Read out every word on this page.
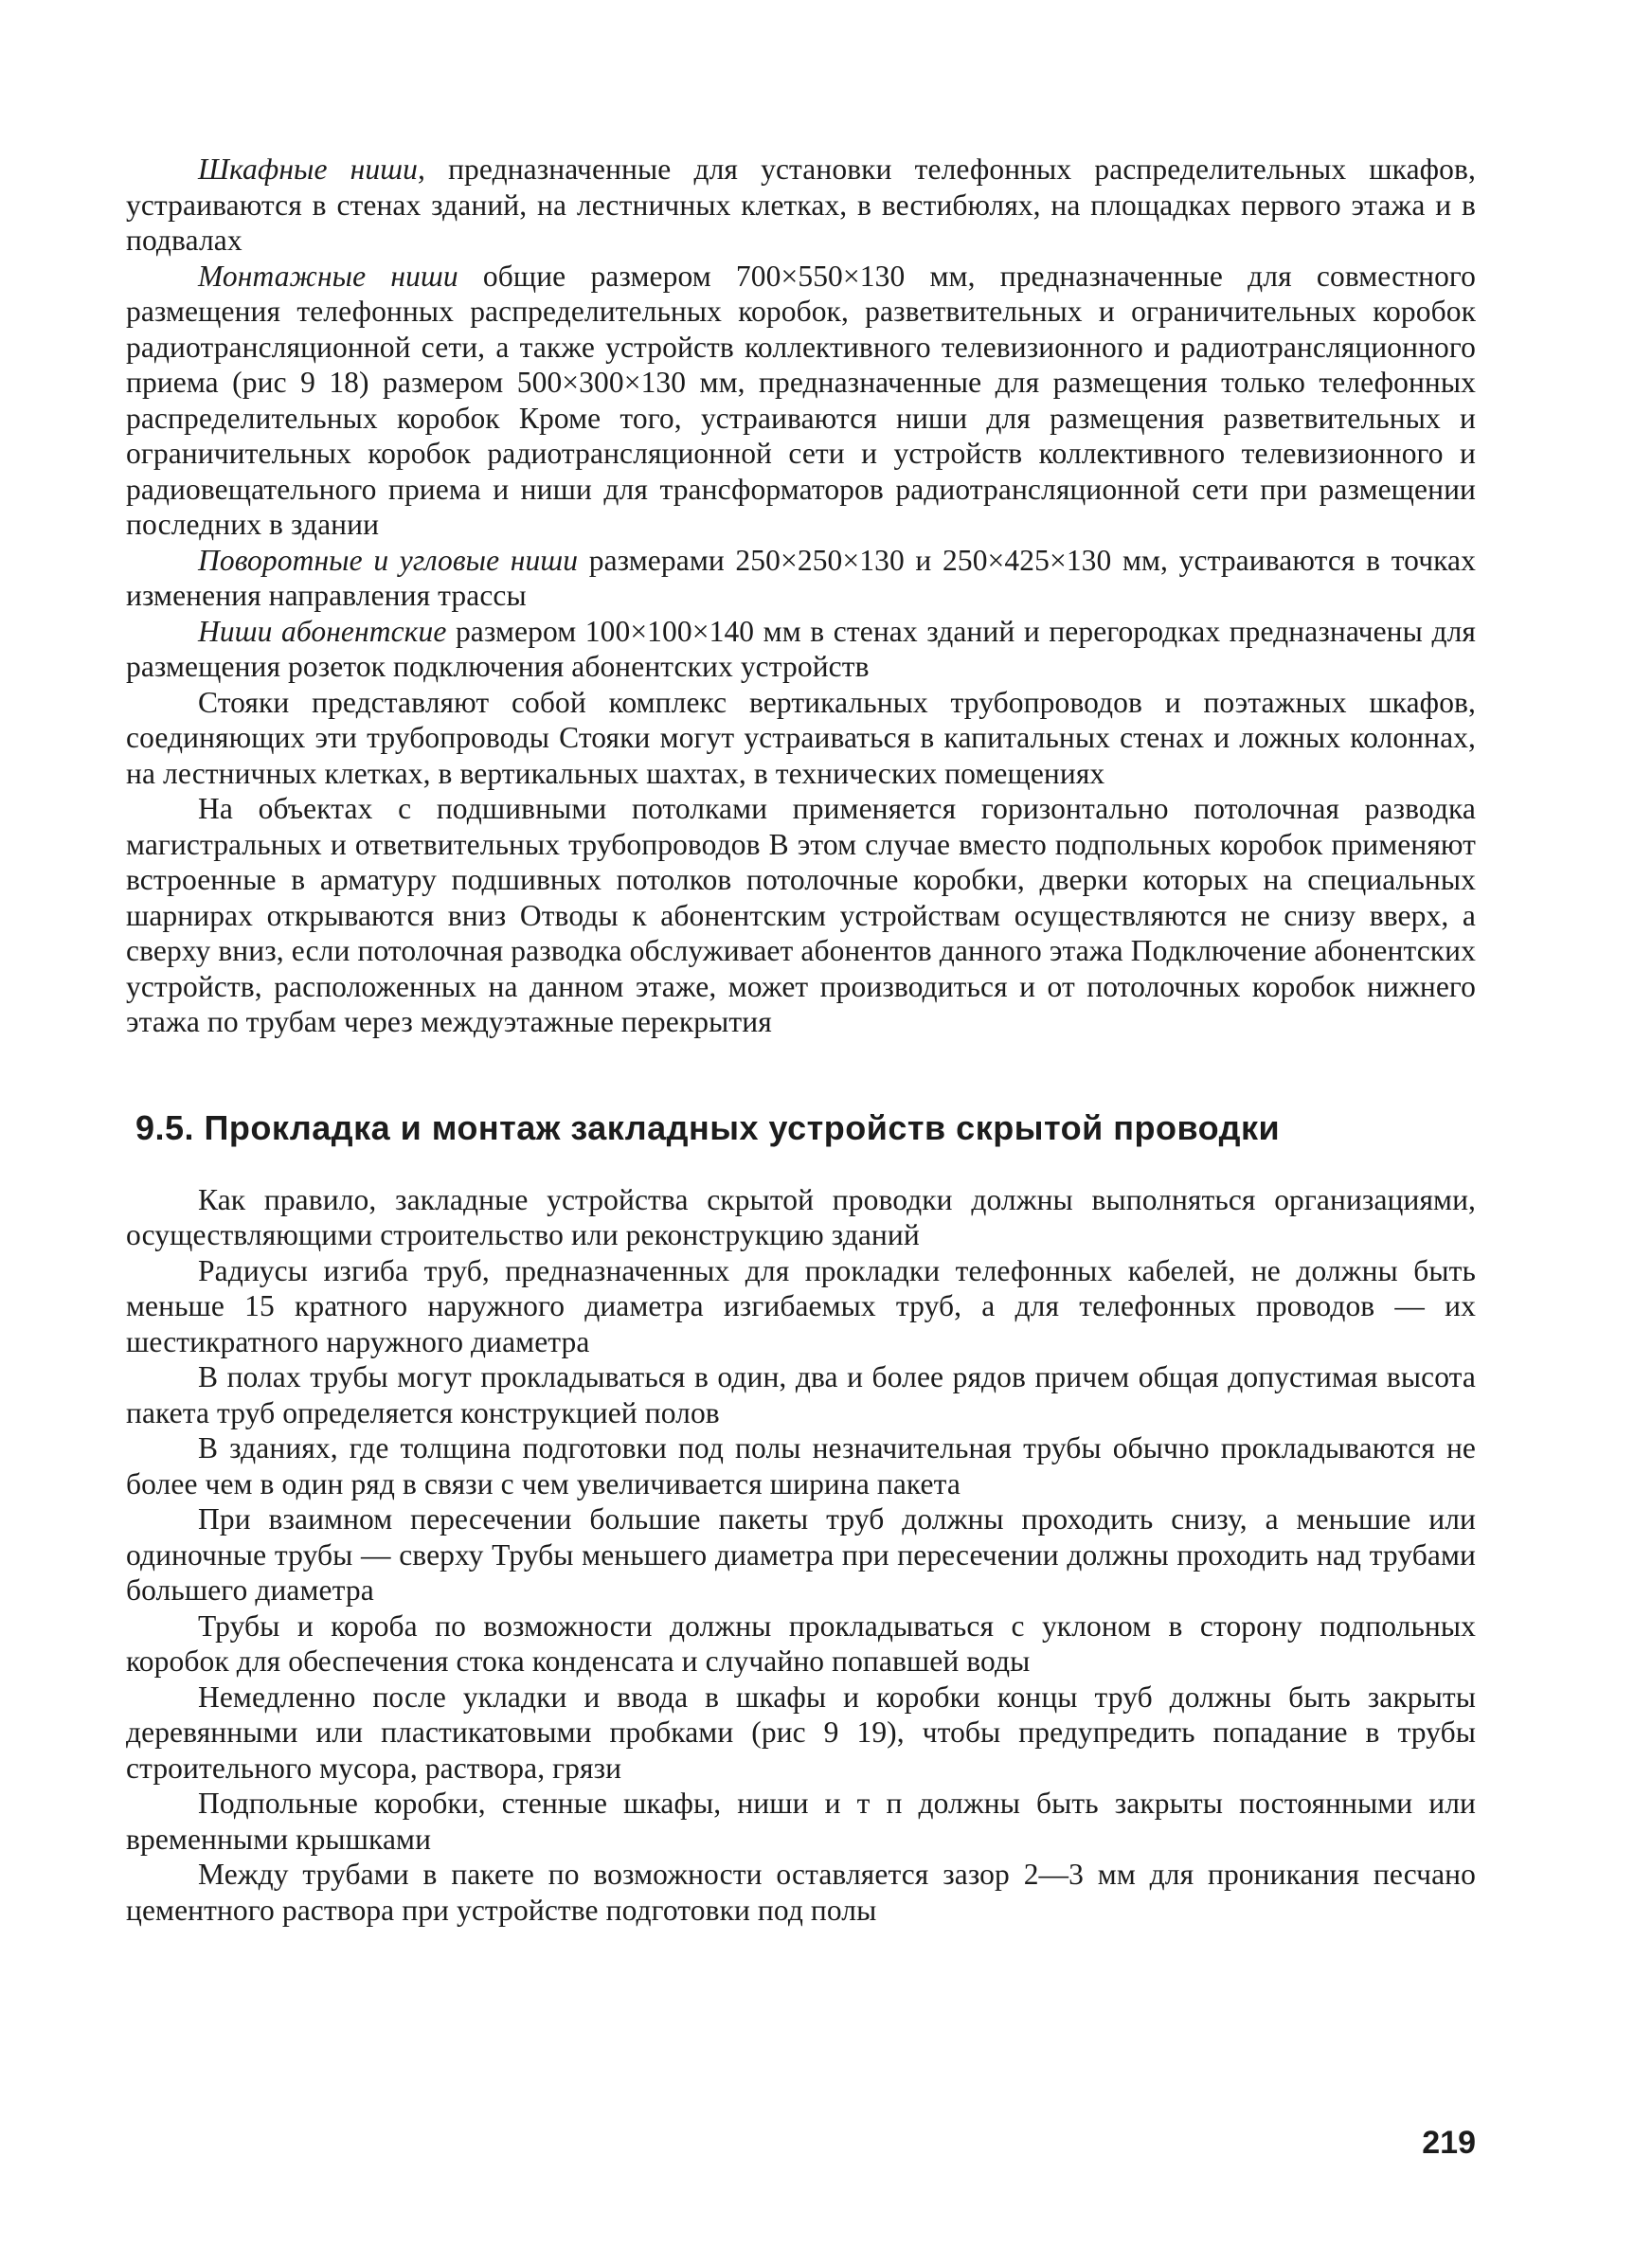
Шкафные ниши, предназначенные для установки телефонных распределительных шкафов, устраиваются в стенах зданий, на лестничных клетках, в вестибюлях, на площадках первого этажа и в подвалах

Монтажные ниши общие размером 700×550×130 мм, предназначенные для совместного размещения телефонных распределительных коробок, разветвительных и ограничительных коробок радиотрансляционной сети, а также устройств коллективного телевизионного и радиотрансляционного приема (рис 9 18) размером 500×300×130 мм, предназначенные для размещения только телефонных распределительных коробок Кроме того, устраиваются ниши для размещения разветвительных и ограничительных коробок радиотрансляционной сети и устройств коллективного телевизионного и радиовещательного приема и ниши для трансформаторов радиотрансляционной сети при размещении последних в здании

Поворотные и угловые ниши размерами 250×250×130 и 250×425×130 мм, устраиваются в точках изменения направления трассы

Ниши абонентские размером 100×100×140 мм в стенах зданий и перегородках предназначены для размещения розеток подключения абонентских устройств

Стояки представляют собой комплекс вертикальных трубопроводов и поэтажных шкафов, соединяющих эти трубопроводы Стояки могут устраиваться в капитальных стенах и ложных колоннах, на лестничных клетках, в вертикальных шахтах, в технических помещениях

На объектах с подшивными потолками применяется горизонтально потолочная разводка магистральных и ответвительных трубопроводов В этом случае вместо подпольных коробок применяют встроенные в арматуру подшивных потолков потолочные коробки, дверки которых на специальных шарнирах открываются вниз Отводы к абонентским устройствам осуществляются не снизу вверх, а сверху вниз, если потолочная разводка обслуживает абонентов данного этажа Подключение абонентских устройств, расположенных на данном этаже, может производиться и от потолочных коробок нижнего этажа по трубам через междуэтажные перекрытия

9.5. Прокладка и монтаж закладных устройств скрытой проводки

Как правило, закладные устройства скрытой проводки должны выполняться организациями, осуществляющими строительство или реконструкцию зданий

Радиусы изгиба труб, предназначенных для прокладки телефонных кабелей, не должны быть меньше 15 кратного наружного диаметра изгибаемых труб, а для телефонных проводов — их шестикратного наружного диаметра

В полах трубы могут прокладываться в один, два и более рядов причем общая допустимая высота пакета труб определяется конструкцией полов

В зданиях, где толщина подготовки под полы незначительная трубы обычно прокладываются не более чем в один ряд в связи с чем увеличивается ширина пакета

При взаимном пересечении большие пакеты труб должны проходить снизу, а меньшие или одиночные трубы — сверху Трубы меньшего диаметра при пересечении должны проходить над трубами большего диаметра

Трубы и короба по возможности должны прокладываться с уклоном в сторону подпольных коробок для обеспечения стока конденсата и случайно попавшей воды

Немедленно после укладки и ввода в шкафы и коробки концы труб должны быть закрыты деревянными или пластикатовыми пробками (рис 9 19), чтобы предупредить попадание в трубы строительного мусора, раствора, грязи

Подпольные коробки, стенные шкафы, ниши и т п должны быть закрыты постоянными или временными крышками

Между трубами в пакете по возможности оставляется зазор 2—3 мм для проникания песчано цементного раствора при устройстве подготовки под полы

219
